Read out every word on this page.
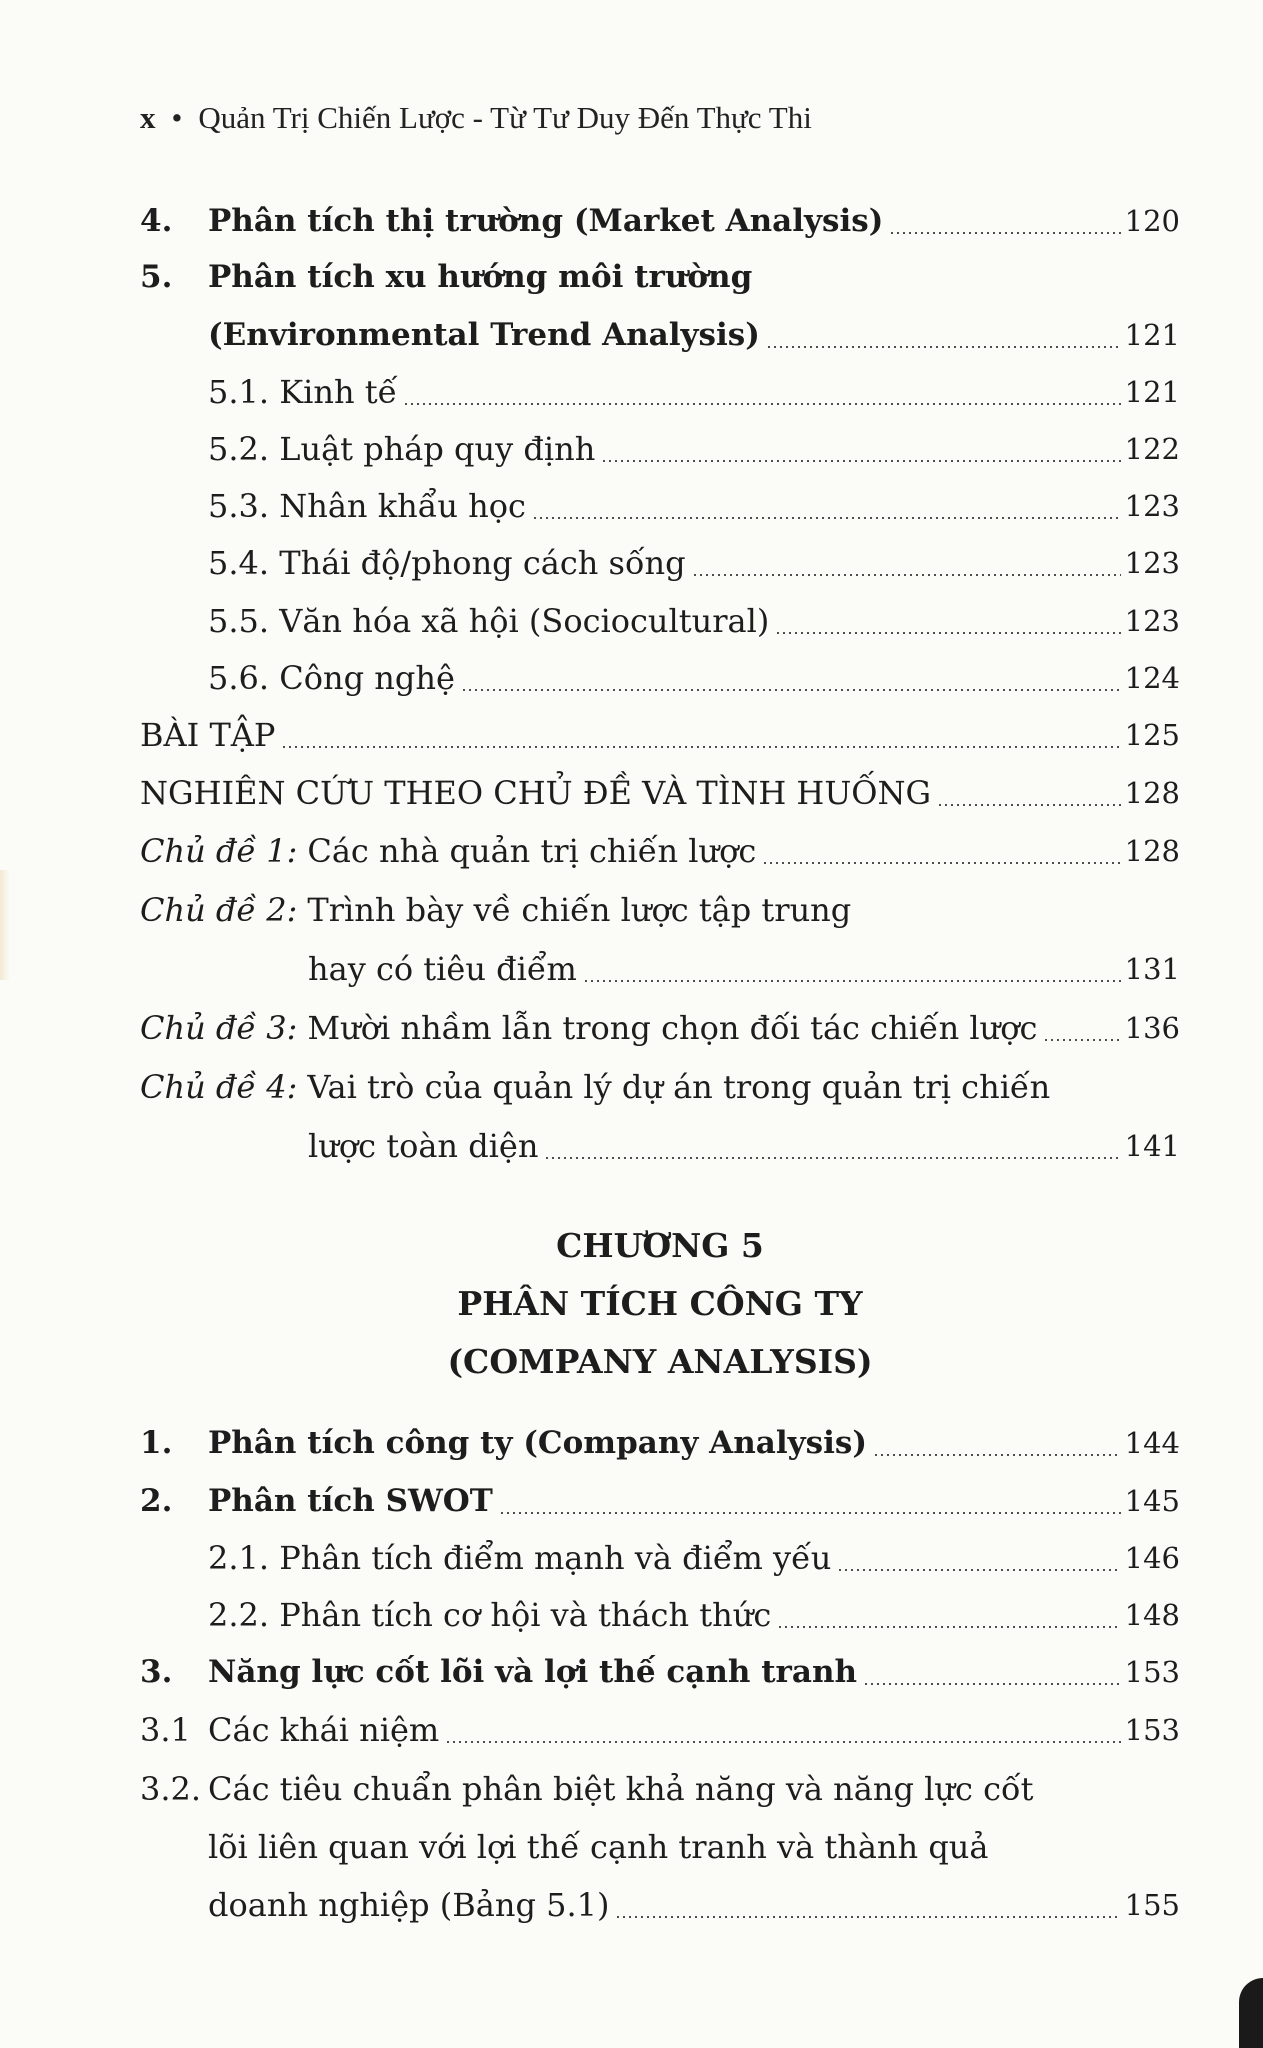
x • Quản Trị Chiến Lược - Từ Tư Duy Đến Thực Thi
4. Phân tích thị trường (Market Analysis)	120
5. Phân tích xu hướng môi trường
(Environmental Trend Analysis)	121
5.1. Kinh tế	121
5.2. Luật pháp quy định	122
5.3. Nhân khẩu học	123
5.4. Thái độ/phong cách sống	123
5.5. Văn hóa xã hội (Sociocultural)	123
5.6. Công nghệ	124
BÀI TẬP	125
NGHIÊN CỨU THEO CHỦ ĐỀ VÀ TÌNH HUỐNG	128
Chủ đề 1: Các nhà quản trị chiến lược	128
Chủ đề 2: Trình bày về chiến lược tập trung
hay có tiêu điểm	131
Chủ đề 3: Mười nhầm lẫn trong chọn đối tác chiến lược	136
Chủ đề 4: Vai trò của quản lý dự án trong quản trị chiến
lược toàn diện	141
CHƯƠNG 5
PHÂN TÍCH CÔNG TY
(COMPANY ANALYSIS)
1. Phân tích công ty (Company Analysis)	144
2. Phân tích SWOT	145
2.1. Phân tích điểm mạnh và điểm yếu	146
2.2. Phân tích cơ hội và thách thức	148
3. Năng lực cốt lõi và lợi thế cạnh tranh	153
3.1 Các khái niệm	153
3.2. Các tiêu chuẩn phân biệt khả năng và năng lực cốt
lõi liên quan với lợi thế cạnh tranh và thành quả
doanh nghiệp (Bảng 5.1)	155
